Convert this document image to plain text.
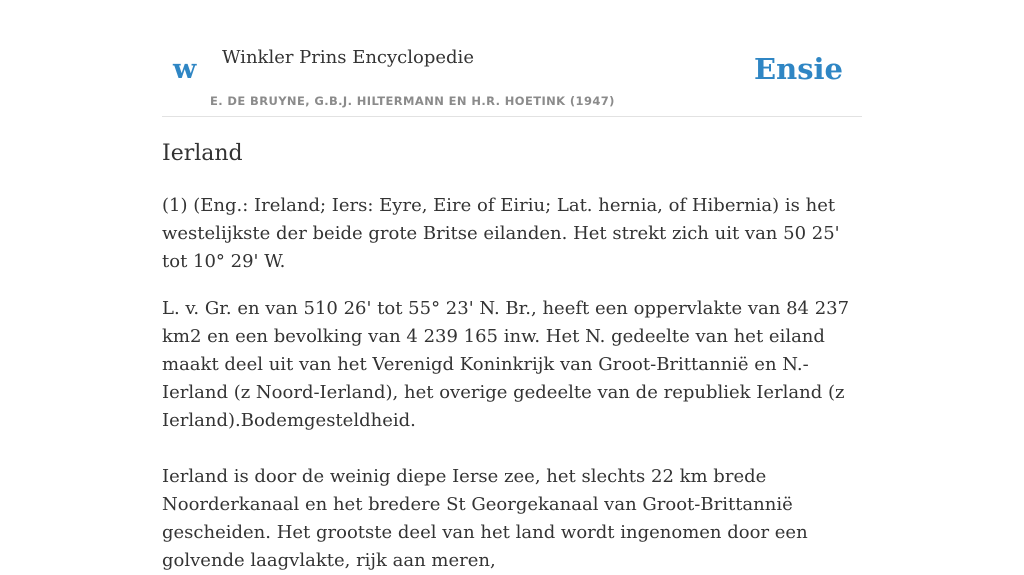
w Winkler Prins Encyclopedie
E. DE BRUYNE, G.B.J. HILTERMANN EN H.R. HOETINK (1947)
Ensie
Ierland

(1) (Eng.: Ireland; Iers: Eyre, Eire of Eiriu; Lat. hernia, of Hibernia) is het westelijkste der beide grote Britse eilanden. Het strekt zich uit van 50 25' tot 10° 29' W.

L. v. Gr. en van 510 26' tot 55° 23' N. Br., heeft een oppervlakte van 84 237 km2 en een bevolking van 4 239 165 inw. Het N. gedeelte van het eiland maakt deel uit van het Verenigd Koninkrijk van Groot-Brittannië en N.-Ierland (z Noord-Ierland), het overige gedeelte van de republiek Ierland (z Ierland).Bodemgesteldheid.

Ierland is door de weinig diepe Ierse zee, het slechts 22 km brede Noorderkanaal en het bredere St Georgekanaal van Groot-Brittannië gescheiden. Het grootste deel van het land wordt ingenomen door een golvende laagvlakte, rijk aan meren,
